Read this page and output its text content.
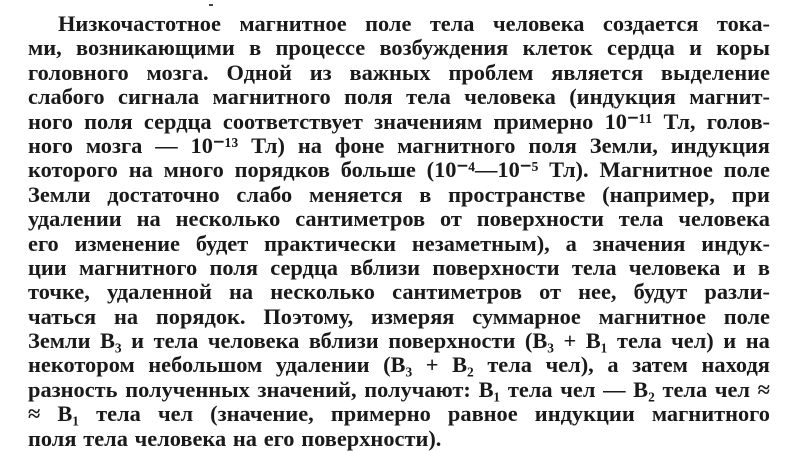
Низкочастотное магнитное поле тела человека создается тока-
ми, возникающими в процессе возбуждения клеток сердца и коры
головного мозга. Одной из важных проблем является выделение
слабого сигнала магнитного поля тела человека (индукция магнит-
ного поля сердца соответствует значениям примерно 10⁻¹¹ Тл, голов-
ного мозга — 10⁻¹³ Тл) на фоне магнитного поля Земли, индукция
которого на много порядков больше (10⁻⁴—10⁻⁵ Тл). Магнитное поле
Земли достаточно слабо меняется в пространстве (например, при
удалении на несколько сантиметров от поверхности тела человека
его изменение будет практически незаметным), а значения индук-
ции магнитного поля сердца вблизи поверхности тела человека и в
точке, удаленной на несколько сантиметров от нее, будут разли-
чаться на порядок. Поэтому, измеряя суммарное магнитное поле
Земли B₃ и тела человека вблизи поверхности (B₃ + B₁ тела чел) и на
некотором небольшом удалении (B₃ + B₂ тела чел), а затем находя
разность полученных значений, получают: B₁ тела чел — B₂ тела чел ≈
≈ B₁ тела чел (значение, примерно равное индукции магнитного
поля тела человека на его поверхности).
